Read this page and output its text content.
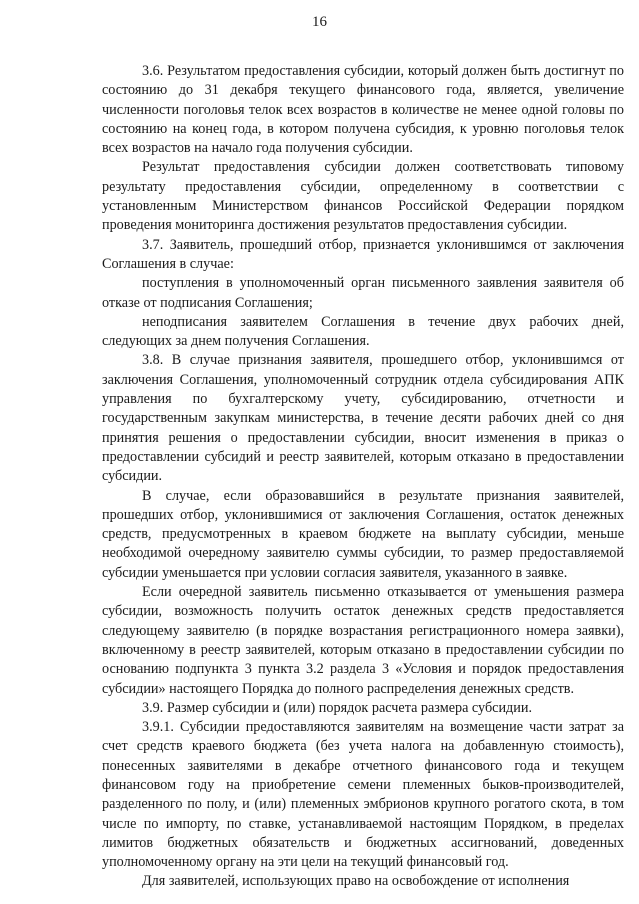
16

3.6. Результатом предоставления субсидии, который должен быть достигнут по состоянию до 31 декабря текущего финансового года, является, увеличение численности поголовья телок всех возрастов в количестве не менее одной головы по состоянию на конец года, в котором получена субсидия, к уровню поголовья телок всех возрастов на начало года получения субсидии.

Результат предоставления субсидии должен соответствовать типовому результату предоставления субсидии, определенному в соответствии с установленным Министерством финансов Российской Федерации порядком проведения мониторинга достижения результатов предоставления субсидии.

3.7. Заявитель, прошедший отбор, признается уклонившимся от заключения Соглашения в случае:

поступления в уполномоченный орган письменного заявления заявителя об отказе от подписания Соглашения;

неподписания заявителем Соглашения в течение двух рабочих дней, следующих за днем получения Соглашения.

3.8. В случае признания заявителя, прошедшего отбор, уклонившимся от заключения Соглашения, уполномоченный сотрудник отдела субсидирования АПК управления по бухгалтерскому учету, субсидированию, отчетности и государственным закупкам министерства, в течение десяти рабочих дней со дня принятия решения о предоставлении субсидии, вносит изменения в приказ о предоставлении субсидий и реестр заявителей, которым отказано в предоставлении субсидии.

В случае, если образовавшийся в результате признания заявителей, прошедших отбор, уклонившимися от заключения Соглашения, остаток денежных средств, предусмотренных в краевом бюджете на выплату субсидии, меньше необходимой очередному заявителю суммы субсидии, то размер предоставляемой субсидии уменьшается при условии согласия заявителя, указанного в заявке.

Если очередной заявитель письменно отказывается от уменьшения размера субсидии, возможность получить остаток денежных средств предоставляется следующему заявителю (в порядке возрастания регистрационного номера заявки), включенному в реестр заявителей, которым отказано в предоставлении субсидии по основанию подпункта 3 пункта 3.2 раздела 3 «Условия и порядок предоставления субсидии» настоящего Порядка до полного распределения денежных средств.

3.9. Размер субсидии и (или) порядок расчета размера субсидии.

3.9.1. Субсидии предоставляются заявителям на возмещение части затрат за счет средств краевого бюджета (без учета налога на добавленную стоимость), понесенных заявителями в декабре отчетного финансового года и текущем финансовом году на приобретение семени племенных быков-производителей, разделенного по полу, и (или) племенных эмбрионов крупного рогатого скота, в том числе по импорту, по ставке, устанавливаемой настоящим Порядком, в пределах лимитов бюджетных обязательств и бюджетных ассигнований, доведенных уполномоченному органу на эти цели на текущий финансовый год.

Для заявителей, использующих право на освобождение от исполнения
